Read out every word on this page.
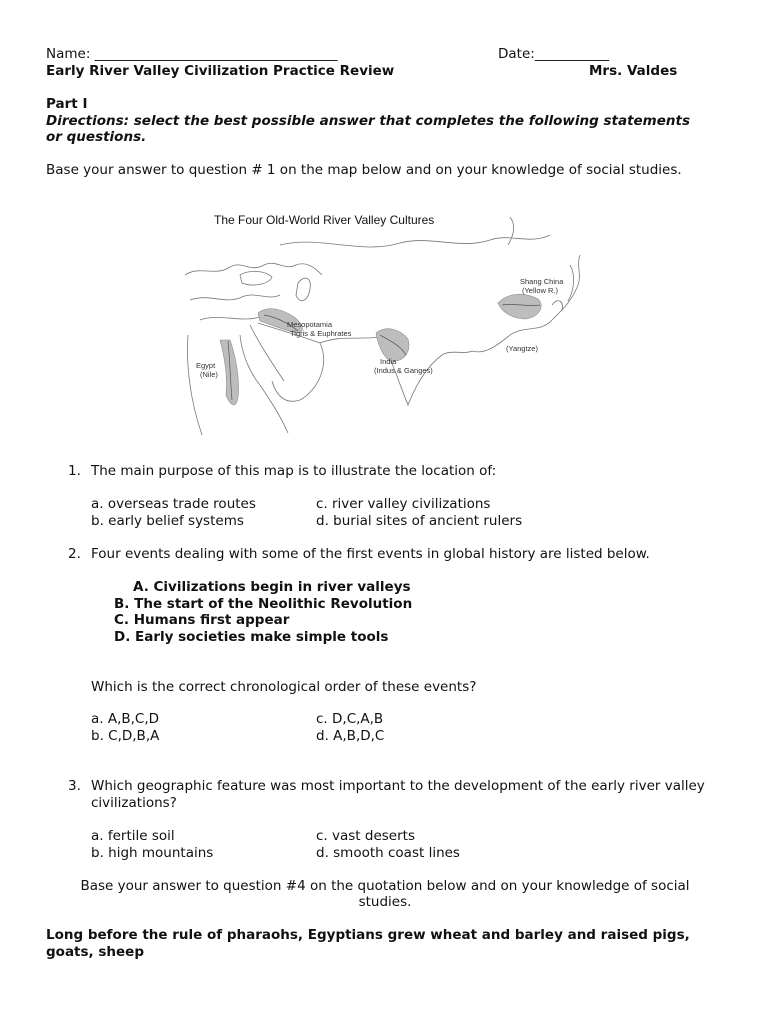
Name: ____________________________________	Date:___________
Early River Valley Civilization Practice Review	Mrs. Valdes
Part I
Directions: select the best possible answer that completes the following statements
or questions.
Base your answer to question # 1 on the map below and on your knowledge of social studies.
The Four Old-World River Valley Cultures
Shang China
(Yellow R.)
Mesopotamia
Tigris & Euphrates
India
(Indus & Ganges)
Egypt
(Nile)
(Yangtze)
1. The main purpose of this map is to illustrate the location of:
a. overseas trade routes
b. early belief systems
c. river valley civilizations
d. burial sites of ancient rulers
2. Four events dealing with some of the first events in global history are listed below.
A. Civilizations begin in river valleys
B. The start of the Neolithic Revolution
C. Humans first appear
D. Early societies make simple tools
Which is the correct chronological order of these events?
a. A,B,C,D
b. C,D,B,A
c. D,C,A,B
d. A,B,D,C
3. Which geographic feature was most important to the development of the early river valley
civilizations?
a. fertile soil
b. high mountains
c. vast deserts
d. smooth coast lines
Base your answer to question #4 on the quotation below and on your knowledge of social
studies.
Long before the rule of pharaohs, Egyptians grew wheat and barley and raised pigs,
goats, sheep
